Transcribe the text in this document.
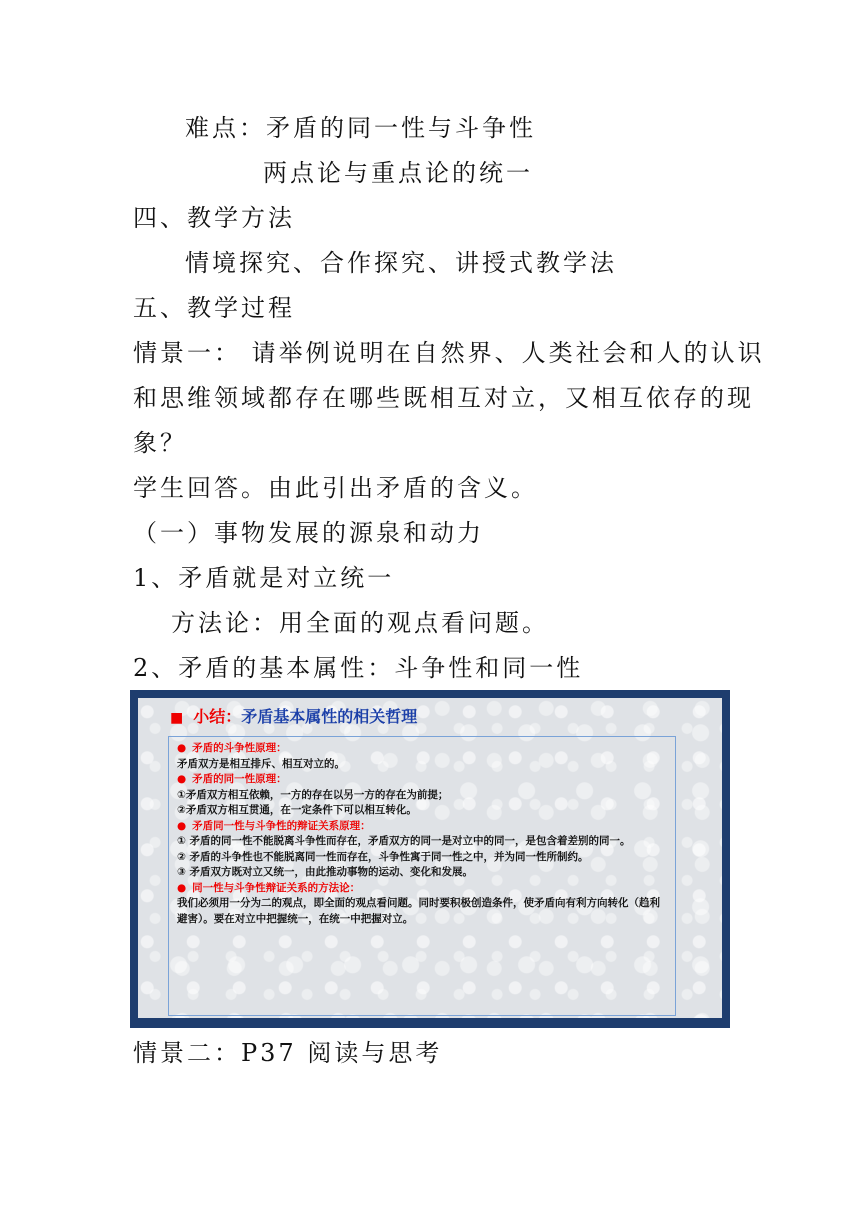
难点：矛盾的同一性与斗争性
两点论与重点论的统一
四、教学方法
情境探究、合作探究、讲授式教学法
五、教学过程
情景一： 请举例说明在自然界、人类社会和人的认识
和思维领域都存在哪些既相互对立，又相互依存的现
象？
学生回答。由此引出矛盾的含义。
（一）事物发展的源泉和动力
1、矛盾就是对立统一
方法论：用全面的观点看问题。
2、矛盾的基本属性：斗争性和同一性
■ 小结：矛盾基本属性的相关哲理

● 矛盾的斗争性原理：

矛盾双方是相互排斥、相互对立的。

● 矛盾的同一性原理：

①矛盾双方相互依赖，一方的存在以另一方的存在为前提；

②矛盾双方相互贯通，在一定条件下可以相互转化。

● 矛盾同一性与斗争性的辩证关系原理：

① 矛盾的同一性不能脱离斗争性而存在，矛盾双方的同一是对立中的同一，是包含着差别的同一。

② 矛盾的斗争性也不能脱离同一性而存在，斗争性寓于同一性之中，并为同一性所制约。

③ 矛盾双方既对立又统一，由此推动事物的运动、变化和发展。

● 同一性与斗争性辩证关系的方法论：

我们必须用一分为二的观点，即全面的观点看问题。同时要积极创造条件，使矛盾向有利方向转化（趋利避害）。要在对立中把握统一，在统一中把握对立。

情景二：P37 阅读与思考
